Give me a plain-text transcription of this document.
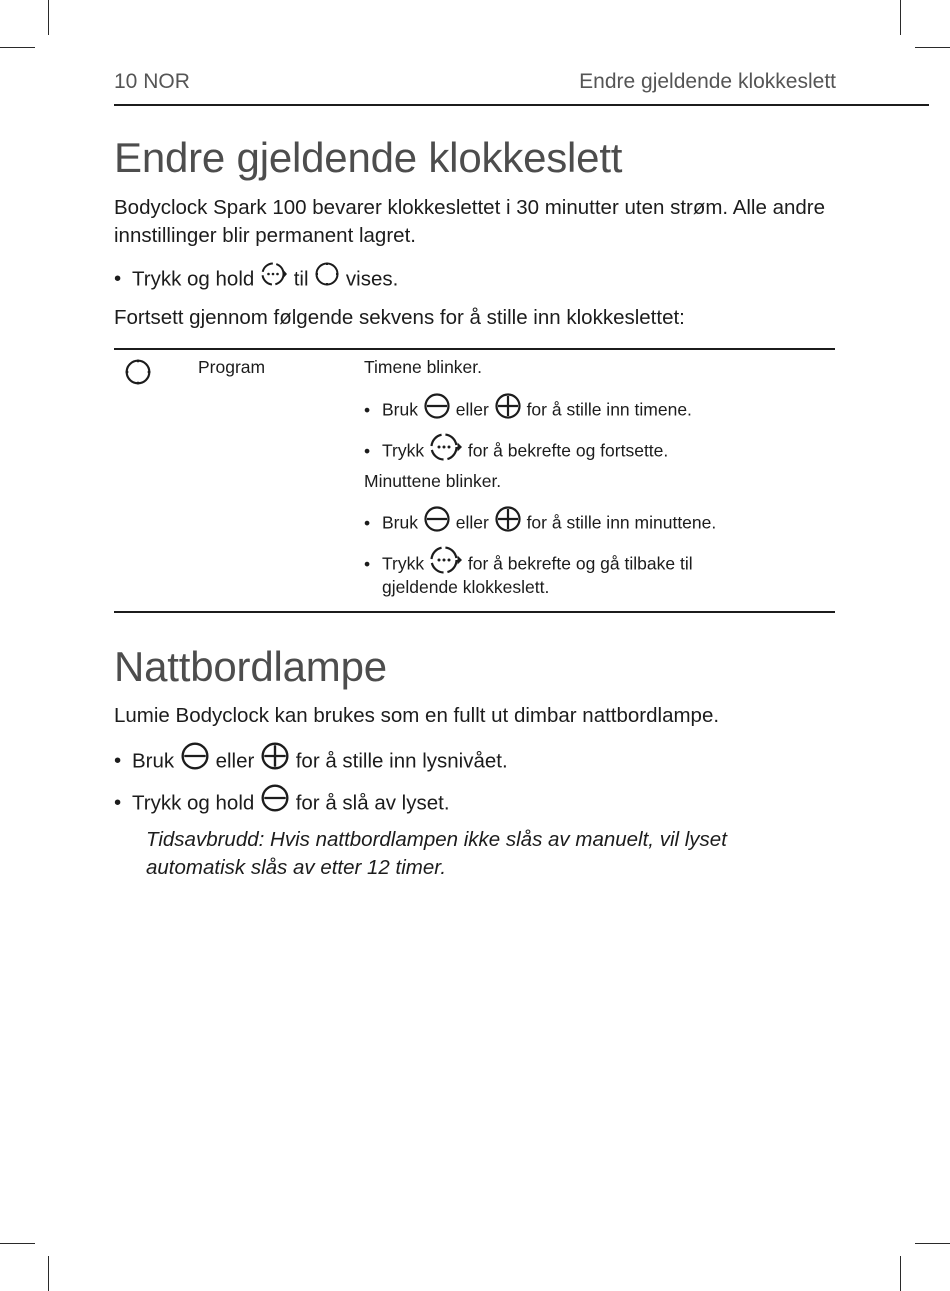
10 NOR	Endre gjeldende klokkeslett
Endre gjeldende klokkeslett

Bodyclock Spark 100 bevarer klokkeslettet i 30 minutter uten strøm. Alle andre innstillinger blir permanent lagret.

• Trykk og hold til vises.

Fortsett gjennom følgende sekvens for å stille inn klokkeslettet:

Program	Timene blinker.
• Bruk eller for å stille inn timene.
• Trykk	for å bekrefte og fortsette.
Minuttene blinker.
• Bruk eller for å stille inn minuttene.
• Trykk	for å bekrefte og gå tilbake til
gjeldende klokkeslett.
Nattbordlampe

Lumie Bodyclock kan brukes som en fullt ut dimbar nattbordlampe.

• Bruk eller for å stille inn lysnivået.
• Trykk og hold for å slå av lyset.

Tidsavbrudd: Hvis nattbordlampen ikke slås av manuelt, vil lyset automatisk slås av etter 12 timer.
